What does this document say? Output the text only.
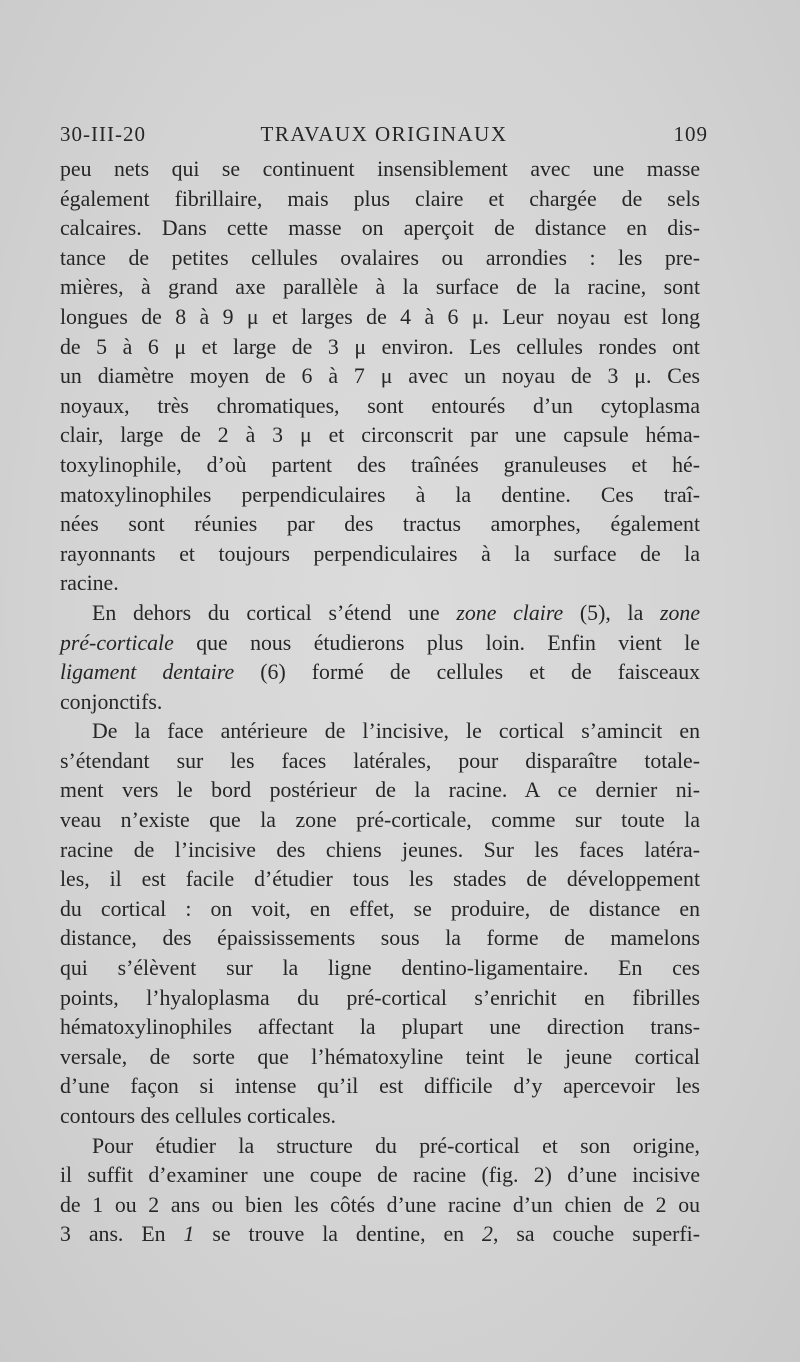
30-III-20	TRAVAUX ORIGINAUX	109
peu nets qui se continuent insensiblement avec une masse
également fibrillaire, mais plus claire et chargée de sels
calcaires. Dans cette masse on aperçoit de distance en dis-
tance de petites cellules ovalaires ou arrondies : les pre-
mières, à grand axe parallèle à la surface de la racine, sont
longues de 8 à 9 μ et larges de 4 à 6 μ. Leur noyau est long
de 5 à 6 μ et large de 3 μ environ. Les cellules rondes ont
un diamètre moyen de 6 à 7 μ avec un noyau de 3 μ. Ces
noyaux, très chromatiques, sont entourés d’un cytoplasma
clair, large de 2 à 3 μ et circonscrit par une capsule héma-
toxylinophile, d’où partent des traînées granuleuses et hé-
matoxylinophiles perpendiculaires à la dentine. Ces traî-
nées sont réunies par des tractus amorphes, également
rayonnants et toujours perpendiculaires à la surface de la
racine.
En dehors du cortical s’étend une zone claire (5), la zone
pré-corticale que nous étudierons plus loin. Enfin vient le
ligament dentaire (6) formé de cellules et de faisceaux
conjonctifs.
De la face antérieure de l’incisive, le cortical s’amincit en
s’étendant sur les faces latérales, pour disparaître totale-
ment vers le bord postérieur de la racine. A ce dernier ni-
veau n’existe que la zone pré-corticale, comme sur toute la
racine de l’incisive des chiens jeunes. Sur les faces latéra-
les, il est facile d’étudier tous les stades de développement
du cortical : on voit, en effet, se produire, de distance en
distance, des épaississements sous la forme de mamelons
qui s’élèvent sur la ligne dentino-ligamentaire. En ces
points, l’hyaloplasma du pré-cortical s’enrichit en fibrilles
hématoxylinophiles affectant la plupart une direction trans-
versale, de sorte que l’hématoxyline teint le jeune cortical
d’une façon si intense qu’il est difficile d’y apercevoir les
contours des cellules corticales.
Pour étudier la structure du pré-cortical et son origine,
il suffit d’examiner une coupe de racine (fig. 2) d’une incisive
de 1 ou 2 ans ou bien les côtés d’une racine d’un chien de 2 ou
3 ans. En 1 se trouve la dentine, en 2, sa couche superfi-
